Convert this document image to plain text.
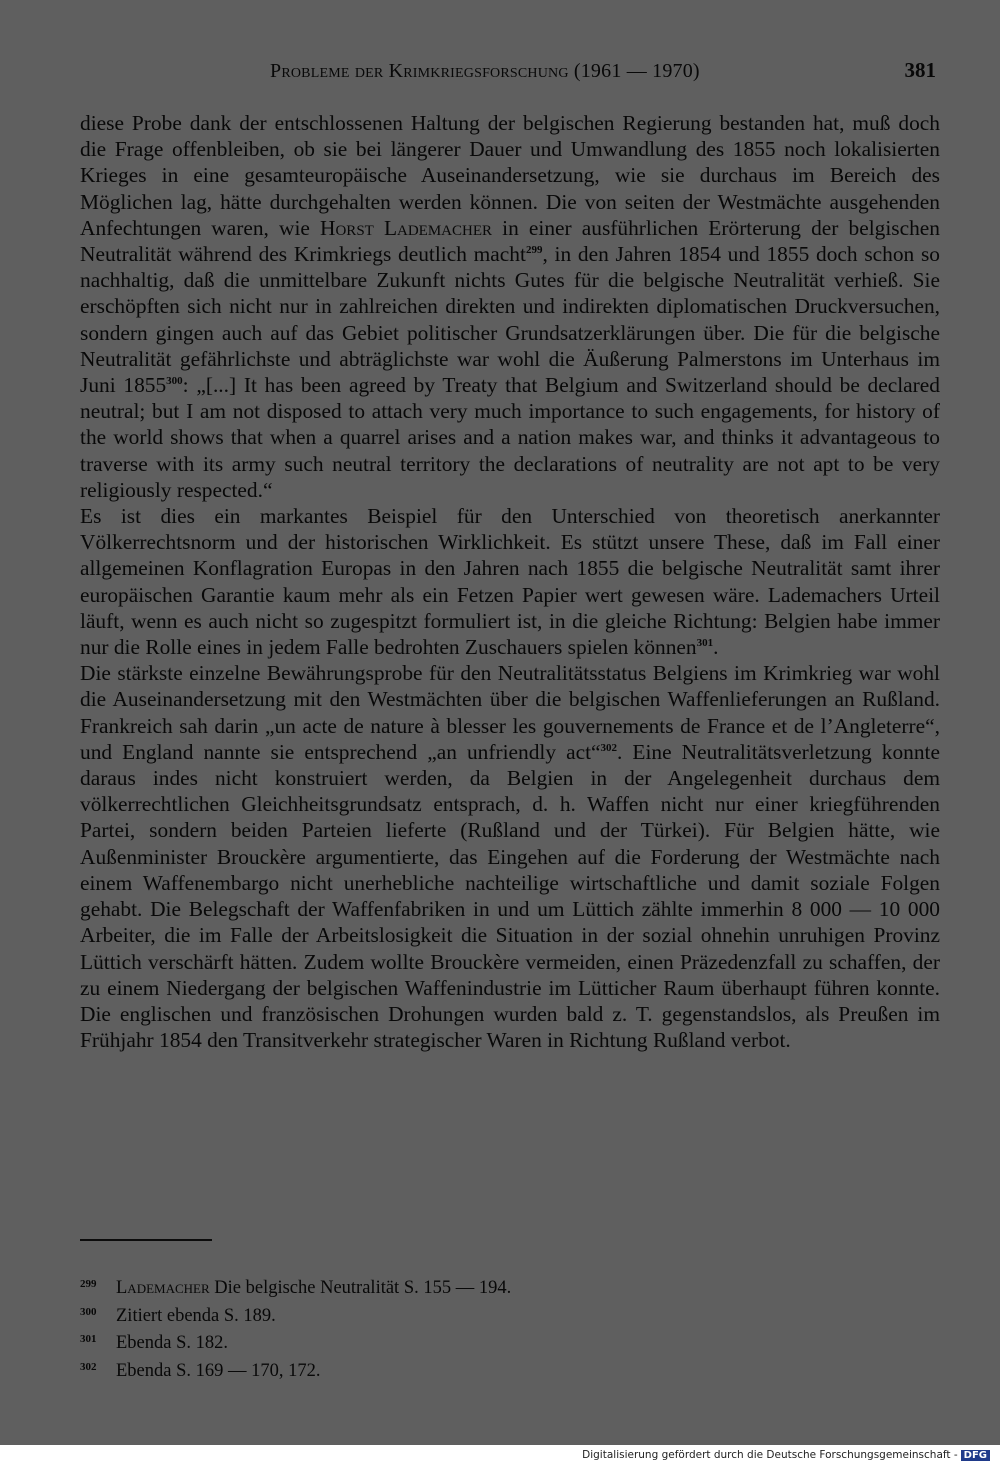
Probleme der Krimkriegsforschung (1961 — 1970)	381

diese Probe dank der entschlossenen Haltung der belgischen Regierung bestanden hat, muß doch die Frage offenbleiben, ob sie bei längerer Dauer und Umwandlung des 1855 noch lokalisierten Krieges in eine gesamteuropäische Auseinandersetzung, wie sie durchaus im Bereich des Möglichen lag, hätte durchgehalten werden können. Die von seiten der Westmächte ausgehenden Anfechtungen waren, wie Horst Lademacher in einer ausführlichen Erörterung der belgischen Neutralität während des Krimkriegs deutlich macht$^{299}$, in den Jahren 1854 und 1855 doch schon so nachhaltig, daß die unmittelbare Zukunft nichts Gutes für die belgische Neutralität verhieß. Sie erschöpften sich nicht nur in zahlreichen direkten und indirekten diplomatischen Druckversuchen, sondern gingen auch auf das Gebiet politischer Grundsatzerklärungen über. Die für die belgische Neutralität gefährlichste und abträglichste war wohl die Äußerung Palmerstons im Unterhaus im Juni 1855$^{300}$: „[...] It has been agreed by Treaty that Belgium and Switzerland should be declared neutral; but I am not disposed to attach very much importance to such engagements, for history of the world shows that when a quarrel arises and a nation makes war, and thinks it advantageous to traverse with its army such neutral territory the declarations of neutrality are not apt to be very religiously respected.“

Es ist dies ein markantes Beispiel für den Unterschied von theoretisch anerkannter Völkerrechtsnorm und der historischen Wirklichkeit. Es stützt unsere These, daß im Fall einer allgemeinen Konflagration Europas in den Jahren nach 1855 die belgische Neutralität samt ihrer europäischen Garantie kaum mehr als ein Fetzen Papier wert gewesen wäre. Lademachers Urteil läuft, wenn es auch nicht so zugespitzt formuliert ist, in die gleiche Richtung: Belgien habe immer nur die Rolle eines in jedem Falle bedrohten Zuschauers spielen können$^{301}$.

Die stärkste einzelne Bewährungsprobe für den Neutralitätsstatus Belgiens im Krimkrieg war wohl die Auseinandersetzung mit den Westmächten über die belgischen Waffenlieferungen an Rußland. Frankreich sah darin „un acte de nature à blesser les gouvernements de France et de l’Angleterre“, und England nannte sie entsprechend „an unfriendly act“$^{302}$. Eine Neutralitätsverletzung konnte daraus indes nicht konstruiert werden, da Belgien in der Angelegenheit durchaus dem völkerrechtlichen Gleichheitsgrundsatz entsprach, d. h. Waffen nicht nur einer kriegführenden Partei, sondern beiden Parteien lieferte (Rußland und der Türkei). Für Belgien hätte, wie Außenminister Brouckère argumentierte, das Eingehen auf die Forderung der Westmächte nach einem Waffenembargo nicht unerhebliche nachteilige wirtschaftliche und damit soziale Folgen gehabt. Die Belegschaft der Waffenfabriken in und um Lüttich zählte immerhin 8 000 — 10 000 Arbeiter, die im Falle der Arbeitslosigkeit die Situation in der sozial ohnehin unruhigen Provinz Lüttich verschärft hätten. Zudem wollte Brouckère vermeiden, einen Präzedenzfall zu schaffen, der zu einem Niedergang der belgischen Waffenindustrie im Lütticher Raum überhaupt führen konnte. Die englischen und französischen Drohungen wurden bald z. T. gegenstandslos, als Preußen im Frühjahr 1854 den Transitverkehr strategischer Waren in Richtung Rußland verbot.

299 Lademacher Die belgische Neutralität S. 155 — 194.
300 Zitiert ebenda S. 189.
301 Ebenda S. 182.
302 Ebenda S. 169 — 170, 172.
Digitalisierung gefördert durch die Deutsche Forschungsgemeinschaft - DFG
